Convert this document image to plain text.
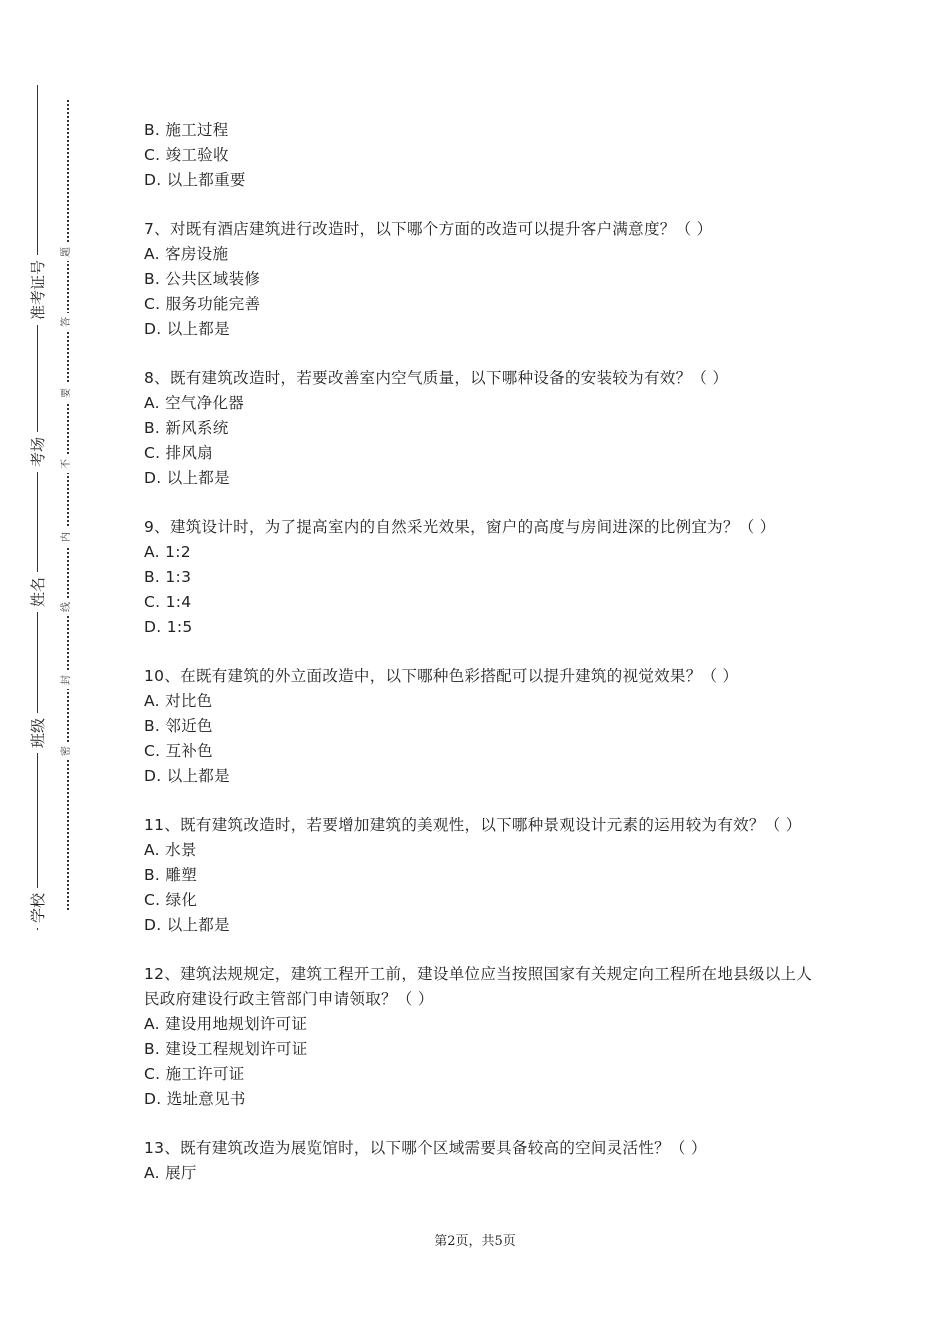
准考证号
考场
姓名
班级
学校
题
答
要
不
内
线
封
密
B. 施工过程
C. 竣工验收
D. 以上都重要
7、对既有酒店建筑进行改造时，以下哪个方面的改造可以提升客户满意度？（ ）
A. 客房设施
B. 公共区域装修
C. 服务功能完善
D. 以上都是
8、既有建筑改造时，若要改善室内空气质量，以下哪种设备的安装较为有效？（ ）
A. 空气净化器
B. 新风系统
C. 排风扇
D. 以上都是
9、建筑设计时，为了提高室内的自然采光效果，窗户的高度与房间进深的比例宜为？（ ）
A. 1:2
B. 1:3
C. 1:4
D. 1:5
10、在既有建筑的外立面改造中，以下哪种色彩搭配可以提升建筑的视觉效果？（ ）
A. 对比色
B. 邻近色
C. 互补色
D. 以上都是
11、既有建筑改造时，若要增加建筑的美观性，以下哪种景观设计元素的运用较为有效？（ ）
A. 水景
B. 雕塑
C. 绿化
D. 以上都是
12、建筑法规规定，建筑工程开工前，建设单位应当按照国家有关规定向工程所在地县级以上人民政府建设行政主管部门申请领取？（ ）
A. 建设用地规划许可证
B. 建设工程规划许可证
C. 施工许可证
D. 选址意见书
13、既有建筑改造为展览馆时，以下哪个区域需要具备较高的空间灵活性？（ ）
A. 展厅
第2页，共5页
